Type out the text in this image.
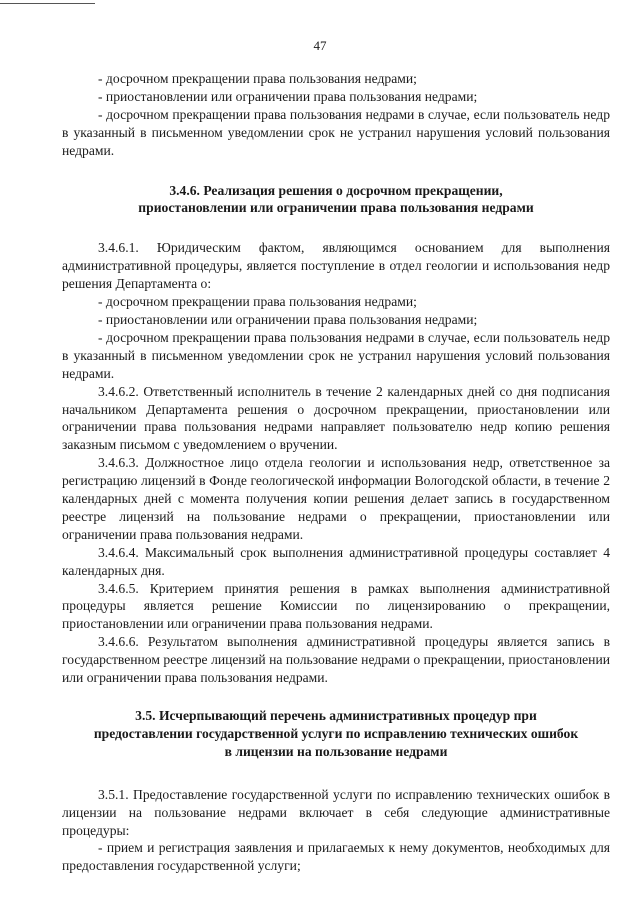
47

- досрочном прекращении права пользования недрами;

- приостановлении или ограничении права пользования недрами;

- досрочном прекращении права пользования недрами в случае, если пользователь недр в указанный в письменном уведомлении срок не устранил нарушения условий пользования недрами.

3.4.6. Реализация решения о досрочном прекращении,

приостановлении или ограничении права пользования недрами

3.4.6.1. Юридическим фактом, являющимся основанием для выполнения административной процедуры, является поступление в отдел геологии и использования недр решения Департамента о:

- досрочном прекращении права пользования недрами;

- приостановлении или ограничении права пользования недрами;

- досрочном прекращении права пользования недрами в случае, если пользователь недр в указанный в письменном уведомлении срок не устранил нарушения условий пользования недрами.

3.4.6.2. Ответственный исполнитель в течение 2 календарных дней со дня подписания начальником Департамента решения о досрочном прекращении, приостановлении или ограничении права пользования недрами направляет пользователю недр копию решения заказным письмом с уведомлением о вручении.

3.4.6.3. Должностное лицо отдела геологии и использования недр, ответственное за регистрацию лицензий в Фонде геологической информации Вологодской области, в течение 2 календарных дней с момента получения копии решения делает запись в государственном реестре лицензий на пользование недрами о прекращении, приостановлении или ограничении права пользования недрами.

3.4.6.4. Максимальный срок выполнения административной процедуры составляет 4 календарных дня.

3.4.6.5. Критерием принятия решения в рамках выполнения административной процедуры является решение Комиссии по лицензированию о прекращении, приостановлении или ограничении права пользования недрами.

3.4.6.6. Результатом выполнения административной процедуры является запись в государственном реестре лицензий на пользование недрами о прекращении, приостановлении или ограничении права пользования недрами.

3.5. Исчерпывающий перечень административных процедур при

предоставлении государственной услуги по исправлению технических ошибок

в лицензии на пользование недрами

3.5.1. Предоставление государственной услуги по исправлению технических ошибок в лицензии на пользование недрами включает в себя следующие административные процедуры:

- прием и регистрация заявления и прилагаемых к нему документов, необходимых для предоставления государственной услуги;
